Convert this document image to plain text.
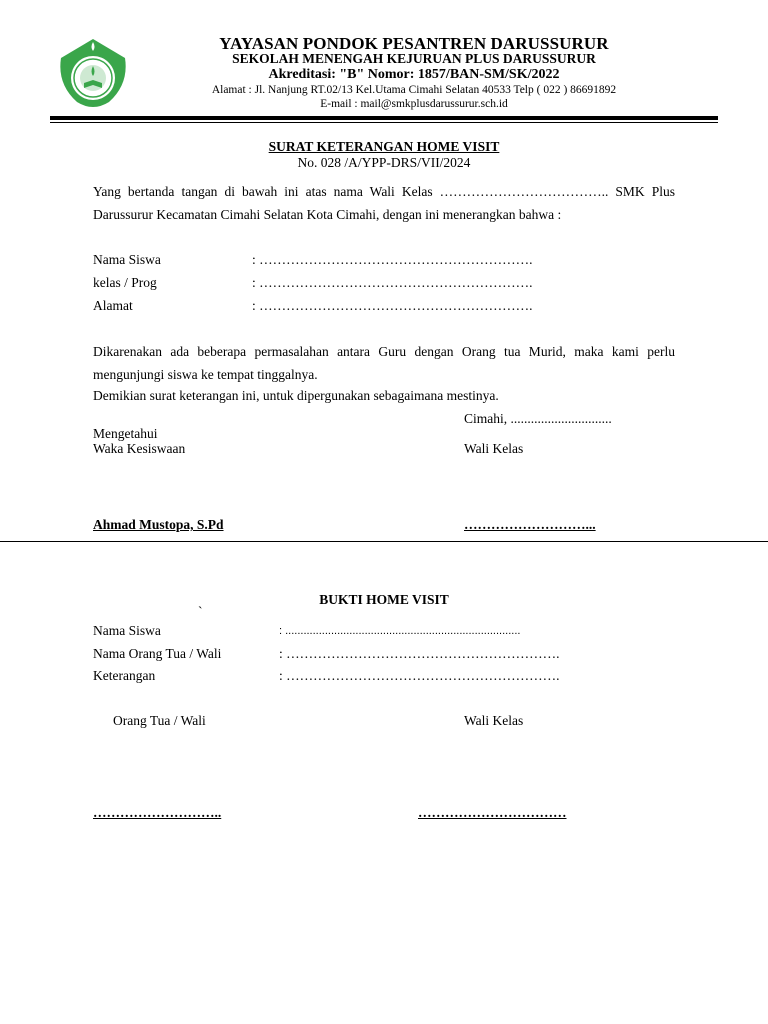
YAYASAN PONDOK PESANTREN DARUSSURUR
SEKOLAH MENENGAH KEJURUAN PLUS DARUSSURUR
Akreditasi: "B" Nomor: 1857/BAN-SM/SK/2022
Alamat : Jl. Nanjung RT.02/13 Kel.Utama Cimahi Selatan 40533 Telp ( 022 ) 86691892
E-mail : mail@smkplusdarussurur.sch.id
SURAT KETERANGAN HOME VISIT
No. 028 /A/YPP-DRS/VII/2024
Yang bertanda tangan di bawah ini atas nama Wali Kelas ……………………………….. SMK Plus Darussurur Kecamatan Cimahi Selatan Kota Cimahi, dengan ini menerangkan bahwa :
Nama Siswa	: …………………………………………………….
kelas / Prog	: …………………………………………………….
Alamat	: …………………………………………………….
Dikarenakan ada beberapa permasalahan antara Guru dengan Orang tua Murid, maka kami perlu mengunjungi siswa ke tempat tinggalnya.
Demikian surat keterangan ini, untuk dipergunakan sebagaimana mestinya.
Cimahi, ..............................
Mengetahui
Waka Kesiswaan	Wali Kelas
Ahmad Mustopa, S.Pd	………………………...
BUKTI HOME VISIT
`
Nama Siswa	: .............................................................................
Nama Orang Tua / Wali	: …………………………………………………….
Keterangan	: …………………………………………………….
Orang Tua / Wali	Wali Kelas
………………………..	……………………………
